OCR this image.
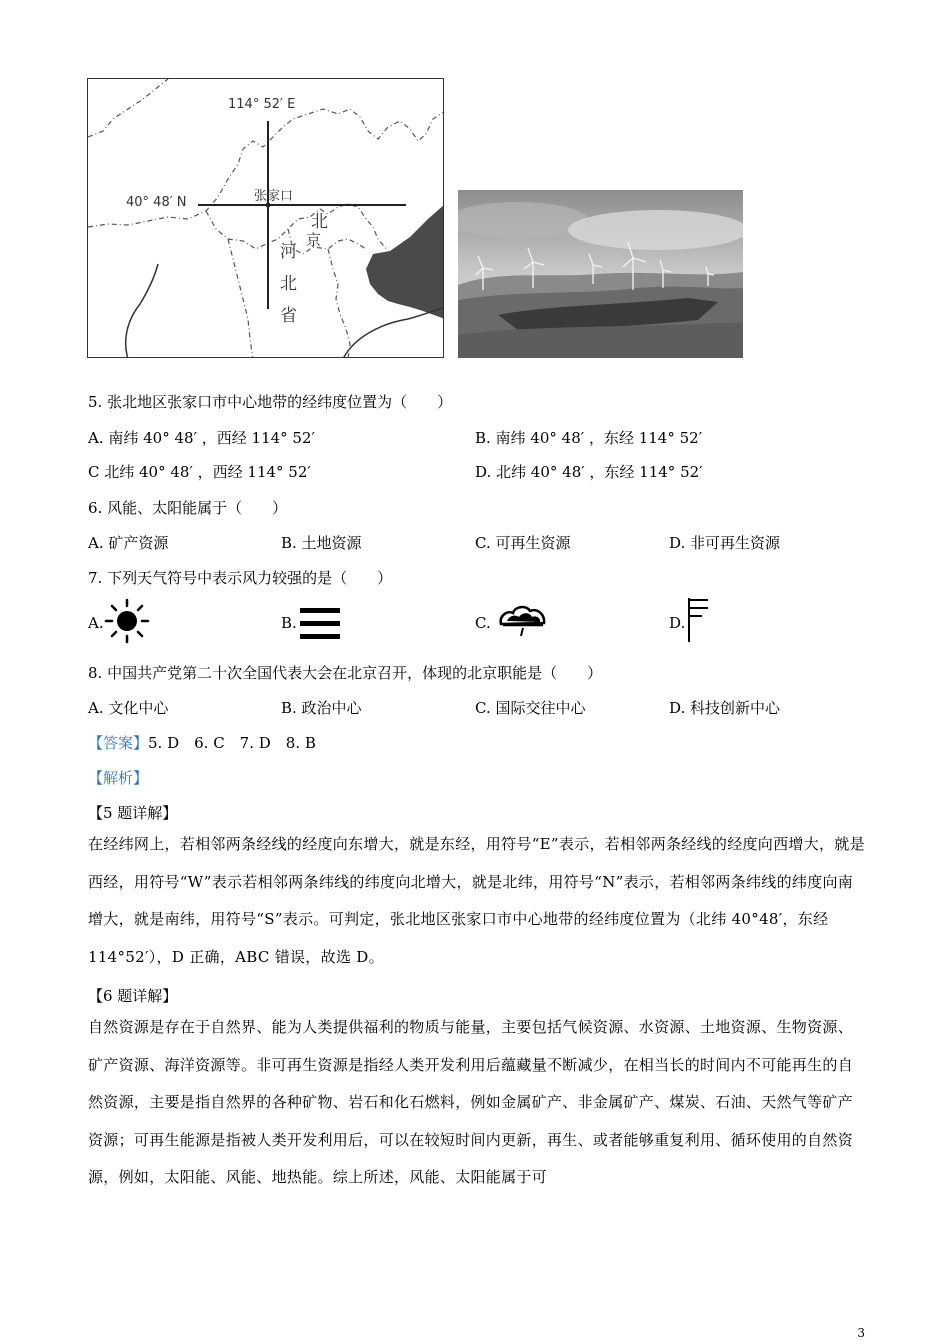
114° 52′ E
40° 48′ N	张家口
北
京
河
北
省
5. 张北地区张家口市中心地带的经纬度位置为（　　）
A. 南纬 40° 48′ ，西经 114° 52′	B. 南纬 40° 48′ ，东经 114° 52′
C 北纬 40° 48′ ，西经 114° 52′	D. 北纬 40° 48′ ，东经 114° 52′
6. 风能、太阳能属于（　　）
A. 矿产资源	B. 土地资源	C. 可再生资源	D. 非可再生资源
7. 下列天气符号中表示风力较强的是（　　）
A.	B.	C.	D.
8. 中国共产党第二十次全国代表大会在北京召开，体现的北京职能是（　　）
A. 文化中心	B. 政治中心	C. 国际交往中心	D. 科技创新中心
【答案】5. D　6. C　7. D　8. B
【解析】
【5 题详解】
在经纬网上，若相邻两条经线的经度向东增大，就是东经，用符号“E”表示，若相邻两条经线的经度向西增大，就是西经，用符号“W”表示若相邻两条纬线的纬度向北增大，就是北纬，用符号“N”表示，若相邻两条纬线的纬度向南增大，就是南纬，用符号“S”表示。可判定，张北地区张家口市中心地带的经纬度位置为（北纬 40°48′，东经 114°52′），D 正确，ABC 错误，故选 D。
【6 题详解】
自然资源是存在于自然界、能为人类提供福利的物质与能量，主要包括气候资源、水资源、土地资源、生物资源、矿产资源、海洋资源等。非可再生资源是指经人类开发利用后蕴藏量不断减少，在相当长的时间内不可能再生的自然资源，主要是指自然界的各种矿物、岩石和化石燃料，例如金属矿产、非金属矿产、煤炭、石油、天然气等矿产资源；可再生能源是指被人类开发利用后，可以在较短时间内更新，再生、或者能够重复利用、循环使用的自然资源，例如，太阳能、风能、地热能。综上所述，风能、太阳能属于可
3
